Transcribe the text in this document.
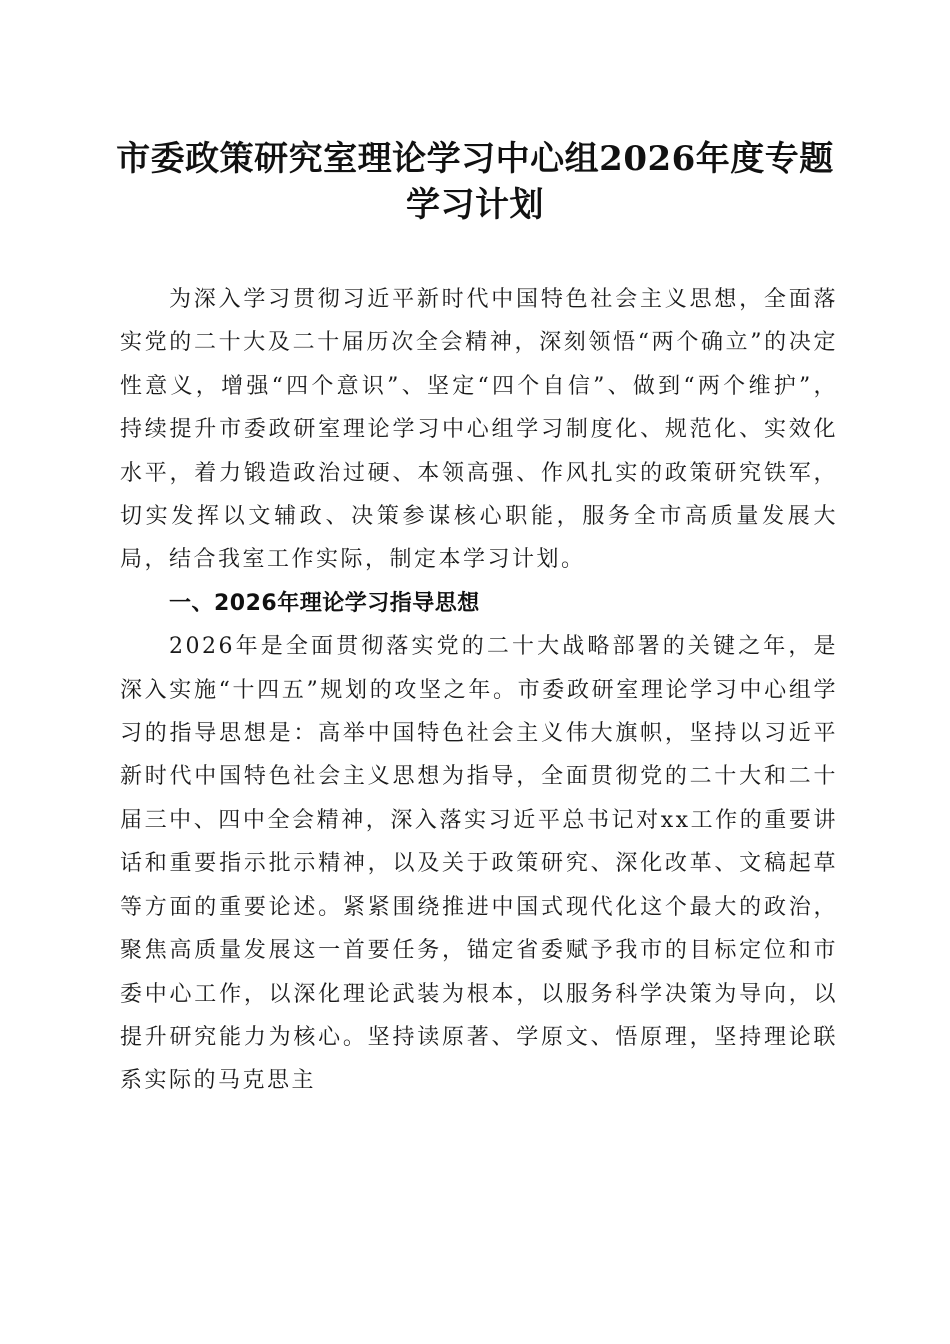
市委政策研究室理论学习中心组2026年度专题学习计划

为深入学习贯彻习近平新时代中国特色社会主义思想，全面落实党的二十大及二十届历次全会精神，深刻领悟“两个确立”的决定性意义，增强“四个意识”、坚定“四个自信”、做到“两个维护”，持续提升市委政研室理论学习中心组学习制度化、规范化、实效化水平，着力锻造政治过硬、本领高强、作风扎实的政策研究铁军，切实发挥以文辅政、决策参谋核心职能，服务全市高质量发展大局，结合我室工作实际，制定本学习计划。

一、2026年理论学习指导思想

2026年是全面贯彻落实党的二十大战略部署的关键之年，是深入实施“十四五”规划的攻坚之年。市委政研室理论学习中心组学习的指导思想是：高举中国特色社会主义伟大旗帜，坚持以习近平新时代中国特色社会主义思想为指导，全面贯彻党的二十大和二十届三中、四中全会精神，深入落实习近平总书记对xx工作的重要讲话和重要指示批示精神，以及关于政策研究、深化改革、文稿起草等方面的重要论述。紧紧围绕推进中国式现代化这个最大的政治，聚焦高质量发展这一首要任务，锚定省委赋予我市的目标定位和市委中心工作，以深化理论武装为根本，以服务科学决策为导向，以提升研究能力为核心。坚持读原著、学原文、悟原理，坚持理论联系实际的马克思主
